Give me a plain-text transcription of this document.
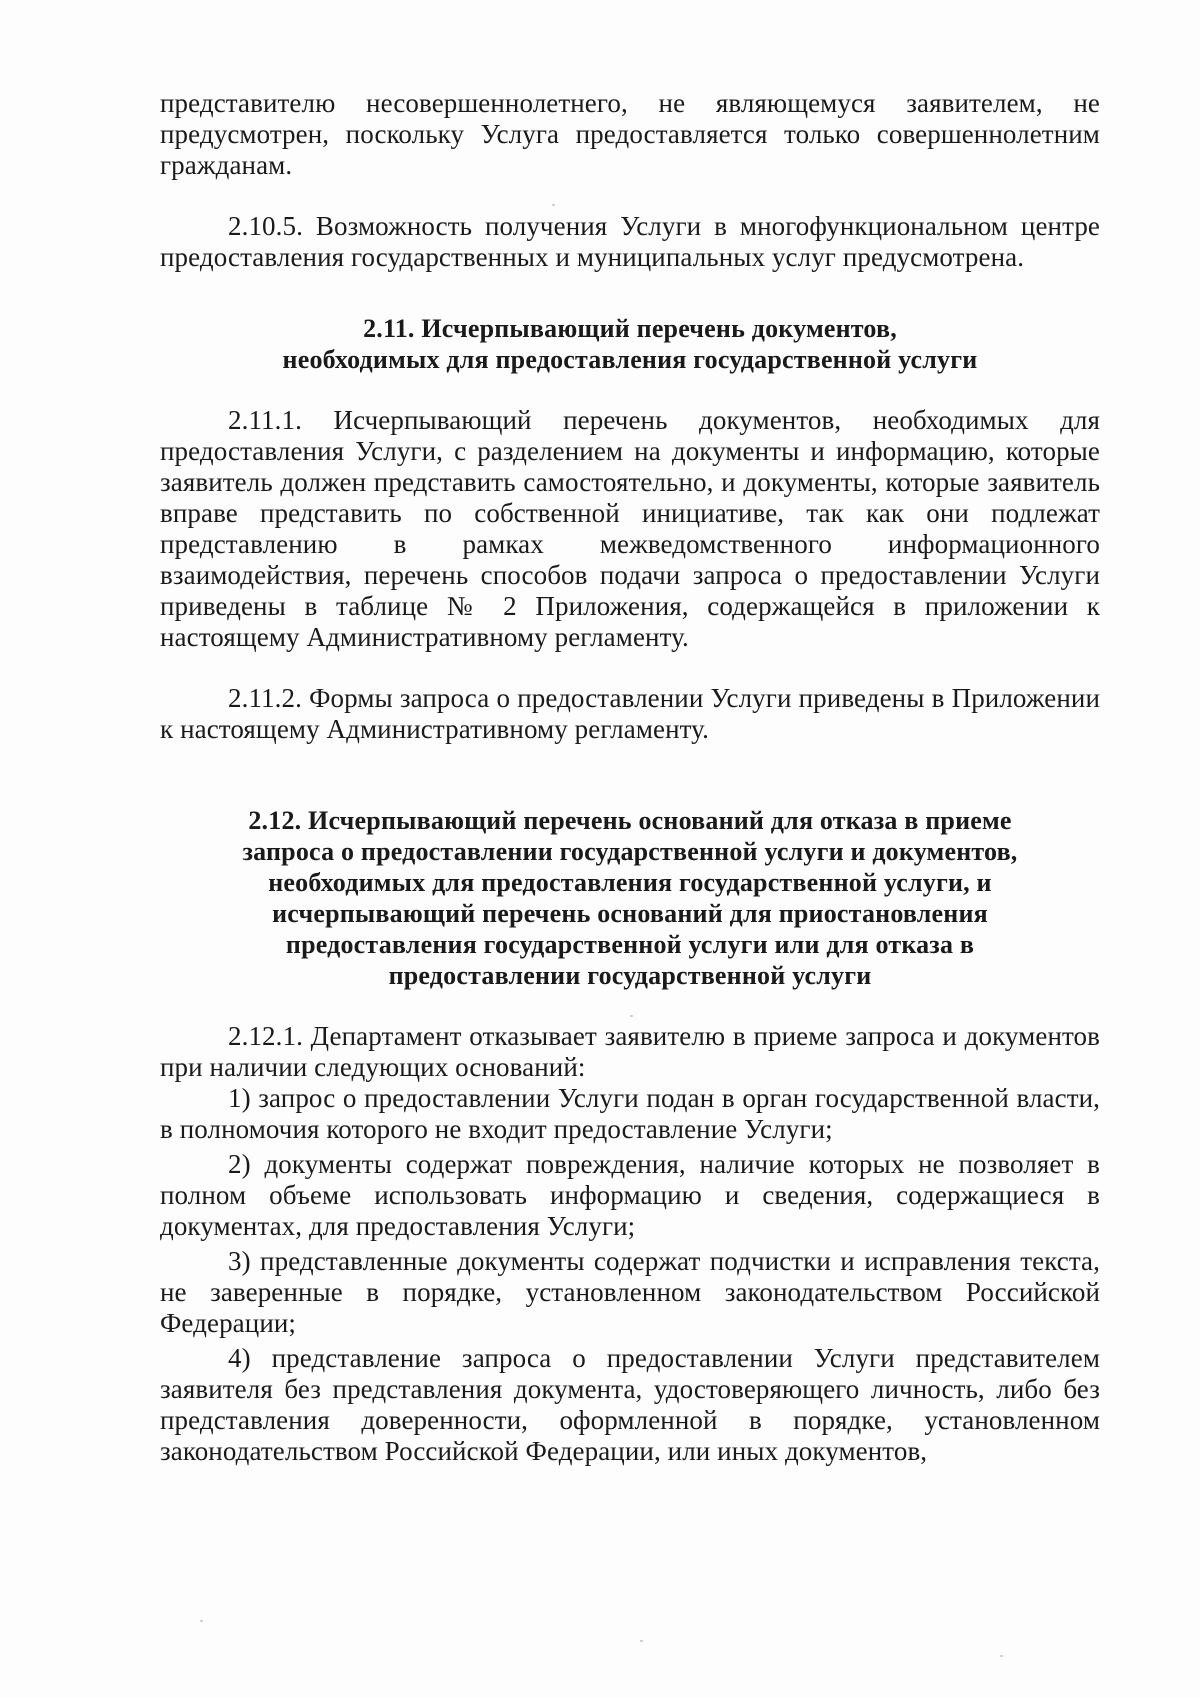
представителю несовершеннолетнего, не являющемуся заявителем, не предусмотрен, поскольку Услуга предоставляется только совершеннолетним гражданам.

2.10.5. Возможность получения Услуги в многофункциональном центре предоставления государственных и муниципальных услуг предусмотрена.

2.11. Исчерпывающий перечень документов,
необходимых для предоставления государственной услуги

2.11.1. Исчерпывающий перечень документов, необходимых для предоставления Услуги, с разделением на документы и информацию, которые заявитель должен представить самостоятельно, и документы, которые заявитель вправе представить по собственной инициативе, так как они подлежат представлению в рамках межведомственного информационного взаимодействия, перечень способов подачи запроса о предоставлении Услуги приведены в таблице № 2 Приложения, содержащейся в приложении к настоящему Административному регламенту.

2.11.2. Формы запроса о предоставлении Услуги приведены в Приложении к настоящему Административному регламенту.

2.12. Исчерпывающий перечень оснований для отказа в приеме
запроса о предоставлении государственной услуги и документов,
необходимых для предоставления государственной услуги, и
исчерпывающий перечень оснований для приостановления
предоставления государственной услуги или для отказа в
предоставлении государственной услуги

2.12.1. Департамент отказывает заявителю в приеме запроса и документов при наличии следующих оснований:

1) запрос о предоставлении Услуги подан в орган государственной власти, в полномочия которого не входит предоставление Услуги;
2) документы содержат повреждения, наличие которых не позволяет в полном объеме использовать информацию и сведения, содержащиеся в документах, для предоставления Услуги;
3) представленные документы содержат подчистки и исправления текста, не заверенные в порядке, установленном законодательством Российской Федерации;
4) представление запроса о предоставлении Услуги представителем заявителя без представления документа, удостоверяющего личность, либо без представления доверенности, оформленной в порядке, установленном законодательством Российской Федерации, или иных документов,
